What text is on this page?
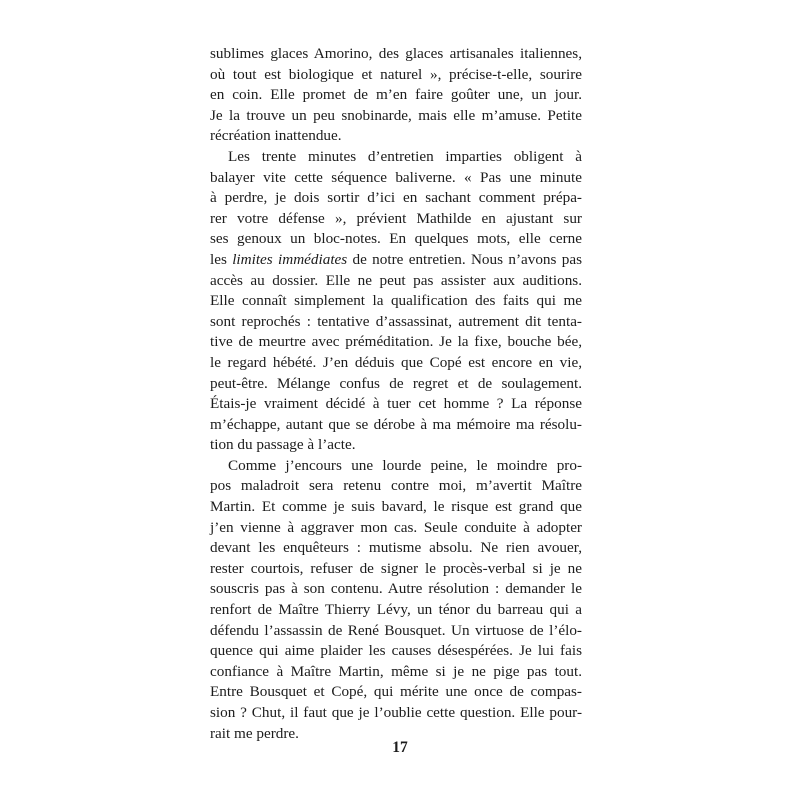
sublimes glaces Amorino, des glaces artisanales italiennes,
où tout est biologique et naturel », précise-t-elle, sourire
en coin. Elle promet de m’en faire goûter une, un jour.
Je la trouve un peu snobinarde, mais elle m’amuse. Petite
récréation inattendue.
Les trente minutes d’entretien imparties obligent à
balayer vite cette séquence baliverne. « Pas une minute
à perdre, je dois sortir d’ici en sachant comment prépa-
rer votre défense », prévient Mathilde en ajustant sur
ses genoux un bloc-notes. En quelques mots, elle cerne
les limites immédiates de notre entretien. Nous n’avons pas
accès au dossier. Elle ne peut pas assister aux auditions.
Elle connaît simplement la qualification des faits qui me
sont reprochés : tentative d’assassinat, autrement dit tenta-
tive de meurtre avec préméditation. Je la fixe, bouche bée,
le regard hébété. J’en déduis que Copé est encore en vie,
peut-être. Mélange confus de regret et de soulagement.
Étais-je vraiment décidé à tuer cet homme ? La réponse
m’échappe, autant que se dérobe à ma mémoire ma résolu-
tion du passage à l’acte.
Comme j’encours une lourde peine, le moindre pro-
pos maladroit sera retenu contre moi, m’avertit Maître
Martin. Et comme je suis bavard, le risque est grand que
j’en vienne à aggraver mon cas. Seule conduite à adopter
devant les enquêteurs : mutisme absolu. Ne rien avouer,
rester courtois, refuser de signer le procès-verbal si je ne
souscris pas à son contenu. Autre résolution : demander le
renfort de Maître Thierry Lévy, un ténor du barreau qui a
défendu l’assassin de René Bousquet. Un virtuose de l’élo-
quence qui aime plaider les causes désespérées. Je lui fais
confiance à Maître Martin, même si je ne pige pas tout.
Entre Bousquet et Copé, qui mérite une once de compas-
sion ? Chut, il faut que je l’oublie cette question. Elle pour-
rait me perdre.
17
